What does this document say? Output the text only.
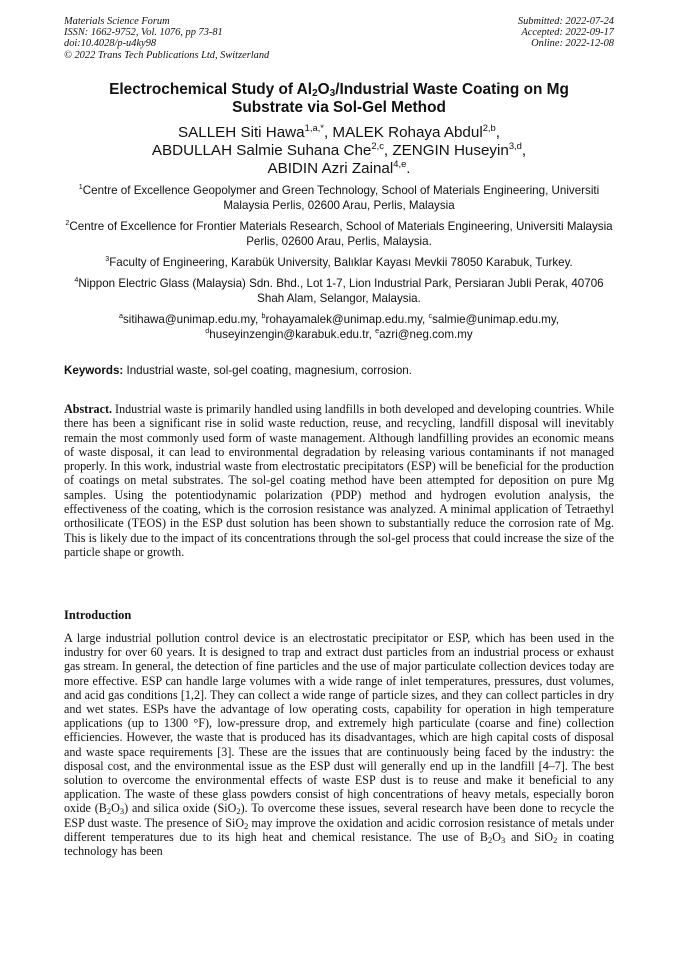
Materials Science Forum
ISSN: 1662-9752, Vol. 1076, pp 73-81
doi:10.4028/p-u4ky98
© 2022 Trans Tech Publications Ltd, Switzerland
Submitted: 2022-07-24
Accepted: 2022-09-17
Online: 2022-12-08
Electrochemical Study of $Al_2O_3$/Industrial Waste Coating on Mg
Substrate via Sol-Gel Method
SALLEH Siti Hawa$^{1,a,*}$, MALEK Rohaya Abdul$^{2,b}$,
ABDULLAH Salmie Suhana Che$^{2,c}$, ZENGIN Huseyin$^{3,d}$,
ABIDIN Azri Zainal$^{4,e}$.
$^1$Centre of Excellence Geopolymer and Green Technology, School of Materials Engineering, Universiti Malaysia Perlis, 02600 Arau, Perlis, Malaysia
$^2$Centre of Excellence for Frontier Materials Research, School of Materials Engineering, Universiti Malaysia Perlis, 02600 Arau, Perlis, Malaysia.
$^3$Faculty of Engineering, Karabük University, Balıklar Kayası Mevkii 78050 Karabuk, Turkey.
$^4$Nippon Electric Glass (Malaysia) Sdn. Bhd., Lot 1-7, Lion Industrial Park, Persiaran Jubli Perak, 40706 Shah Alam, Selangor, Malaysia.
$^a$sitihawa@unimap.edu.my, $^b$rohayamalek@unimap.edu.my, $^c$salmie@unimap.edu.my,
$^d$huseyinzengin@karabuk.edu.tr, $^e$azri@neg.com.my
Keywords: Industrial waste, sol-gel coating, magnesium, corrosion.
Abstract. Industrial waste is primarily handled using landfills in both developed and developing countries. While there has been a significant rise in solid waste reduction, reuse, and recycling, landfill disposal will inevitably remain the most commonly used form of waste management. Although landfilling provides an economic means of waste disposal, it can lead to environmental degradation by releasing various contaminants if not managed properly. In this work, industrial waste from electrostatic precipitators (ESP) will be beneficial for the production of coatings on metal substrates. The sol-gel coating method have been attempted for deposition on pure Mg samples. Using the potentiodynamic polarization (PDP) method and hydrogen evolution analysis, the effectiveness of the coating, which is the corrosion resistance was analyzed. A minimal application of Tetraethyl orthosilicate (TEOS) in the ESP dust solution has been shown to substantially reduce the corrosion rate of Mg. This is likely due to the impact of its concentrations through the sol-gel process that could increase the size of the particle shape or growth.
Introduction
A large industrial pollution control device is an electrostatic precipitator or ESP, which has been used in the industry for over 60 years. It is designed to trap and extract dust particles from an industrial process or exhaust gas stream. In general, the detection of fine particles and the use of major particulate collection devices today are more effective. ESP can handle large volumes with a wide range of inlet temperatures, pressures, dust volumes, and acid gas conditions [1,2]. They can collect a wide range of particle sizes, and they can collect particles in dry and wet states. ESPs have the advantage of low operating costs, capability for operation in high temperature applications (up to 1300 °F), low-pressure drop, and extremely high particulate (coarse and fine) collection efficiencies. However, the waste that is produced has its disadvantages, which are high capital costs of disposal and waste space requirements [3]. These are the issues that are continuously being faced by the industry: the disposal cost, and the environmental issue as the ESP dust will generally end up in the landfill [4–7]. The best solution to overcome the environmental effects of waste ESP dust is to reuse and make it beneficial to any application. The waste of these glass powders consist of high concentrations of heavy metals, especially boron oxide $(B_2O_3)$ and silica oxide (SiO$_2$). To overcome these issues, several research have been done to recycle the ESP dust waste. The presence of SiO$_2$ may improve the oxidation and acidic corrosion resistance of metals under different temperatures due to its high heat and chemical resistance. The use of $B_2O_3$ and SiO$_2$ in coating technology has been
